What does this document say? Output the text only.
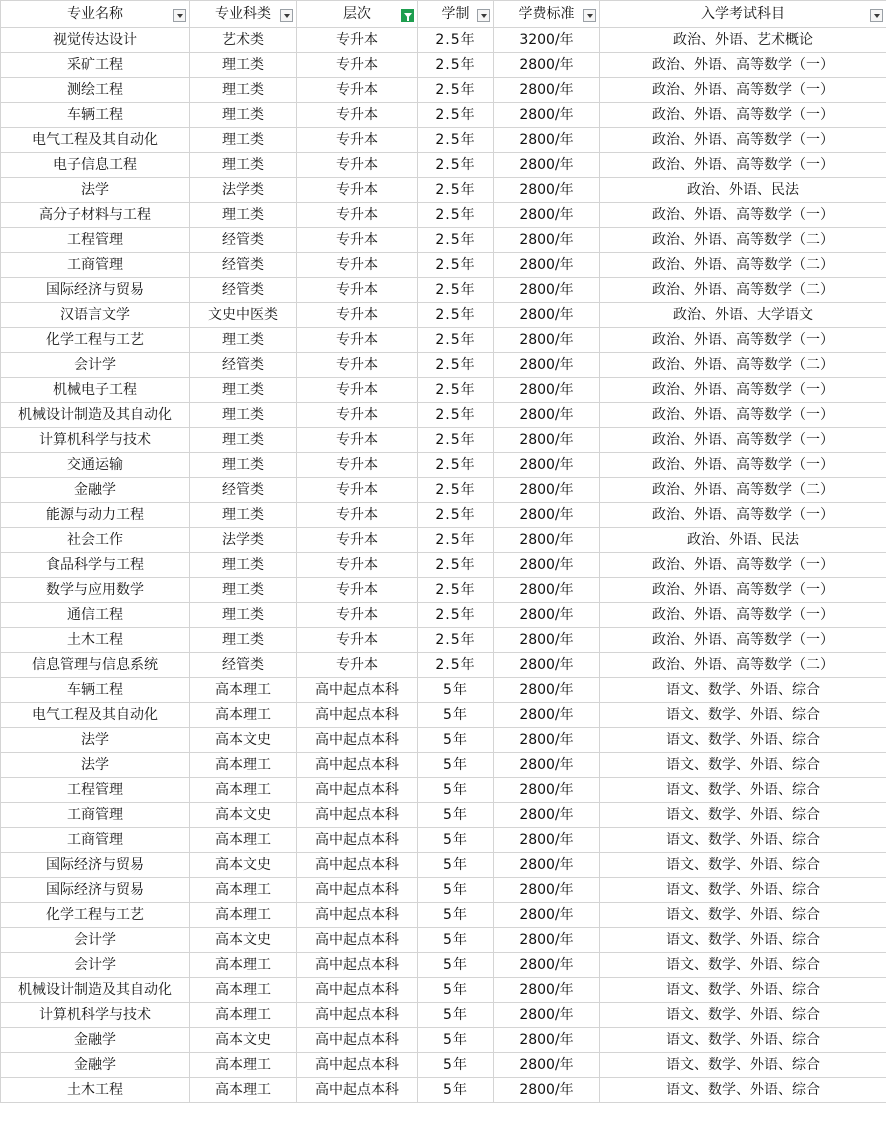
专业名称	专业科类	层次	学制	学费标准	入学考试科目

视觉传达设计	艺术类	专升本	2.5年	3200/年	政治、外语、艺术概论
采矿工程	理工类	专升本	2.5年	2800/年	政治、外语、高等数学（一）
测绘工程	理工类	专升本	2.5年	2800/年	政治、外语、高等数学（一）
车辆工程	理工类	专升本	2.5年	2800/年	政治、外语、高等数学（一）
电气工程及其自动化	理工类	专升本	2.5年	2800/年	政治、外语、高等数学（一）
电子信息工程	理工类	专升本	2.5年	2800/年	政治、外语、高等数学（一）
法学	法学类	专升本	2.5年	2800/年	政治、外语、民法
高分子材料与工程	理工类	专升本	2.5年	2800/年	政治、外语、高等数学（一）
工程管理	经管类	专升本	2.5年	2800/年	政治、外语、高等数学（二）
工商管理	经管类	专升本	2.5年	2800/年	政治、外语、高等数学（二）
国际经济与贸易	经管类	专升本	2.5年	2800/年	政治、外语、高等数学（二）
汉语言文学	文史中医类	专升本	2.5年	2800/年	政治、外语、大学语文
化学工程与工艺	理工类	专升本	2.5年	2800/年	政治、外语、高等数学（一）
会计学	经管类	专升本	2.5年	2800/年	政治、外语、高等数学（二）
机械电子工程	理工类	专升本	2.5年	2800/年	政治、外语、高等数学（一）
机械设计制造及其自动化	理工类	专升本	2.5年	2800/年	政治、外语、高等数学（一）
计算机科学与技术	理工类	专升本	2.5年	2800/年	政治、外语、高等数学（一）
交通运输	理工类	专升本	2.5年	2800/年	政治、外语、高等数学（一）
金融学	经管类	专升本	2.5年	2800/年	政治、外语、高等数学（二）
能源与动力工程	理工类	专升本	2.5年	2800/年	政治、外语、高等数学（一）
社会工作	法学类	专升本	2.5年	2800/年	政治、外语、民法
食品科学与工程	理工类	专升本	2.5年	2800/年	政治、外语、高等数学（一）
数学与应用数学	理工类	专升本	2.5年	2800/年	政治、外语、高等数学（一）
通信工程	理工类	专升本	2.5年	2800/年	政治、外语、高等数学（一）
土木工程	理工类	专升本	2.5年	2800/年	政治、外语、高等数学（一）
信息管理与信息系统	经管类	专升本	2.5年	2800/年	政治、外语、高等数学（二）
车辆工程	高本理工	高中起点本科	5年	2800/年	语文、数学、外语、综合
电气工程及其自动化	高本理工	高中起点本科	5年	2800/年	语文、数学、外语、综合
法学	高本文史	高中起点本科	5年	2800/年	语文、数学、外语、综合
法学	高本理工	高中起点本科	5年	2800/年	语文、数学、外语、综合
工程管理	高本理工	高中起点本科	5年	2800/年	语文、数学、外语、综合
工商管理	高本文史	高中起点本科	5年	2800/年	语文、数学、外语、综合
工商管理	高本理工	高中起点本科	5年	2800/年	语文、数学、外语、综合
国际经济与贸易	高本文史	高中起点本科	5年	2800/年	语文、数学、外语、综合
国际经济与贸易	高本理工	高中起点本科	5年	2800/年	语文、数学、外语、综合
化学工程与工艺	高本理工	高中起点本科	5年	2800/年	语文、数学、外语、综合
会计学	高本文史	高中起点本科	5年	2800/年	语文、数学、外语、综合
会计学	高本理工	高中起点本科	5年	2800/年	语文、数学、外语、综合
机械设计制造及其自动化	高本理工	高中起点本科	5年	2800/年	语文、数学、外语、综合
计算机科学与技术	高本理工	高中起点本科	5年	2800/年	语文、数学、外语、综合
金融学	高本文史	高中起点本科	5年	2800/年	语文、数学、外语、综合
金融学	高本理工	高中起点本科	5年	2800/年	语文、数学、外语、综合
土木工程	高本理工	高中起点本科	5年	2800/年	语文、数学、外语、综合
